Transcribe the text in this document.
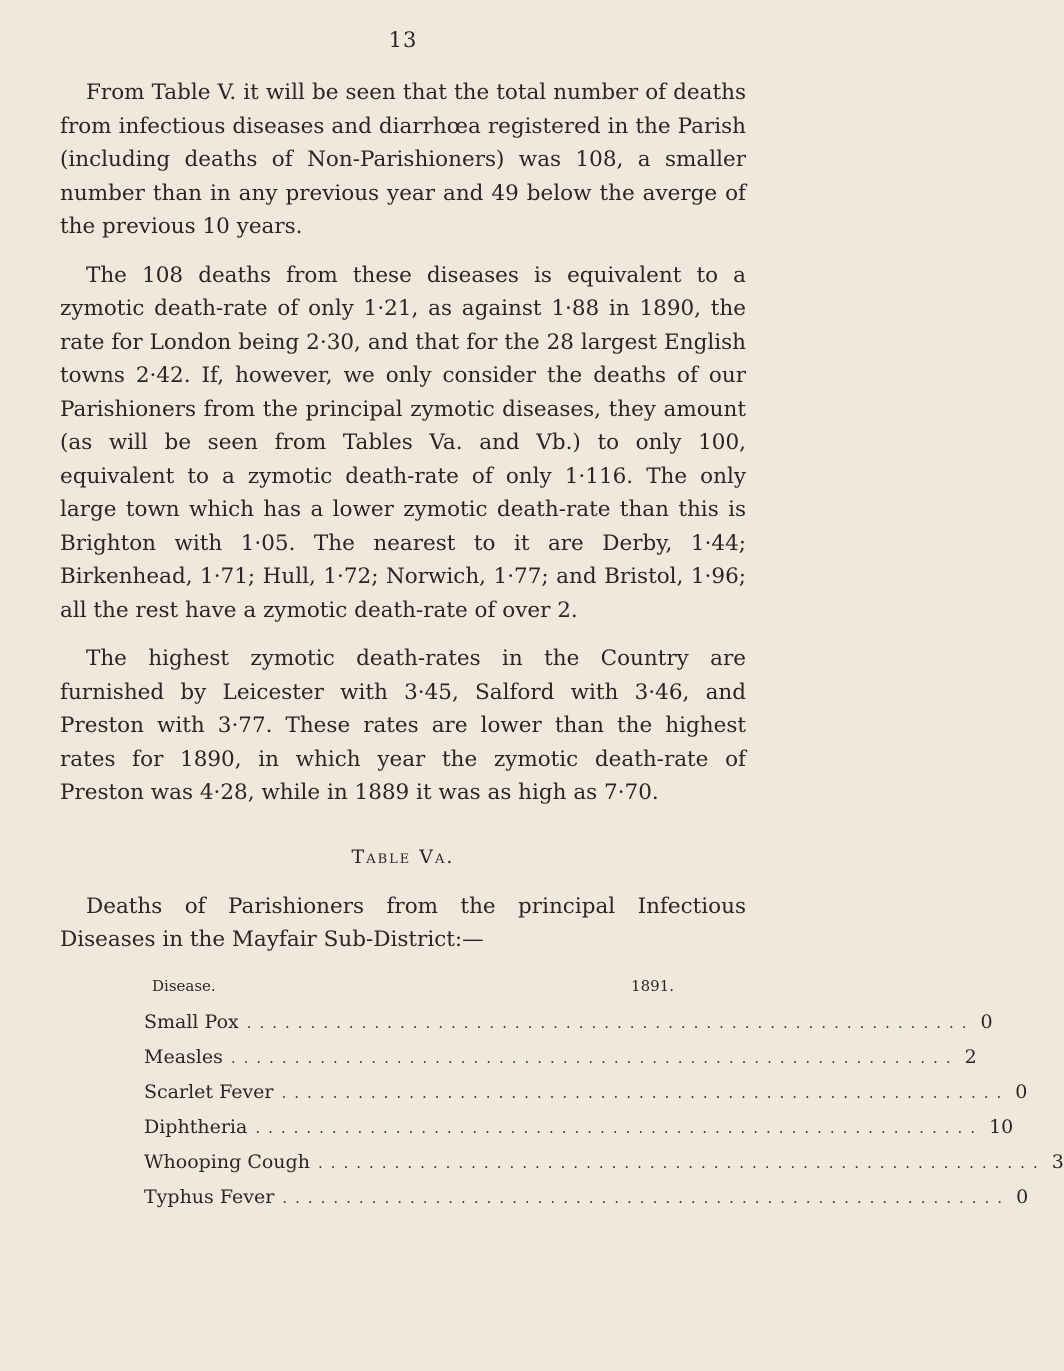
13

From Table V. it will be seen that the total number of deaths from infectious diseases and diarrhœa registered in the Parish (including deaths of Non-Parishioners) was 108, a smaller number than in any previous year and 49 below the averge of the previous 10 years.

The 108 deaths from these diseases is equivalent to a zymotic death-rate of only 1·21, as against 1·88 in 1890, the rate for London being 2·30, and that for the 28 largest English towns 2·42. If, however, we only consider the deaths of our Parishioners from the principal zymotic diseases, they amount (as will be seen from Tables Va. and Vb.) to only 100, equivalent to a zymotic death-rate of only 1·116. The only large town which has a lower zymotic death-rate than this is Brighton with 1·05. The nearest to it are Derby, 1·44; Birkenhead, 1·71; Hull, 1·72; Norwich, 1·77; and Bristol, 1·96; all the rest have a zymotic death-rate of over 2.

The highest zymotic death-rates in the Country are furnished by Leicester with 3·45, Salford with 3·46, and Preston with 3·77. These rates are lower than the highest rates for 1890, in which year the zymotic death-rate of Preston was 4·28, while in 1889 it was as high as 7·70.

Table Va.

Deaths of Parishioners from the principal Infectious Diseases in the Mayfair Sub-District:—

Disease.	1891.
Small Pox ......................................................... 0
Measles ......................................................... 2
Scarlet Fever ......................................................... 0
Diphtheria ......................................................... 10
Whooping Cough ......................................................... 3
Typhus Fever ......................................................... 0
